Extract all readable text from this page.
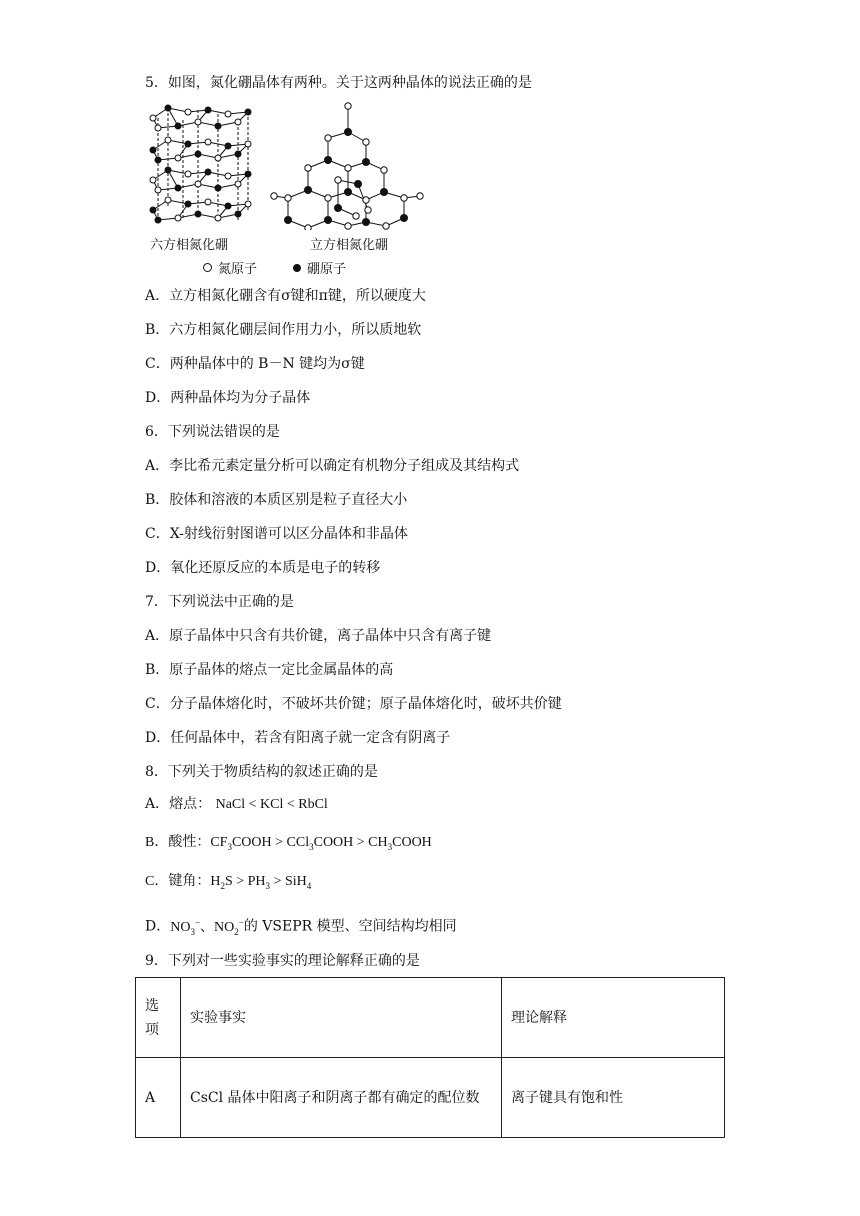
5．如图，氮化硼晶体有两种。关于这两种晶体的说法正确的是
六方相氮化硼	立方相氮化硼
氮原子	硼原子
A．立方相氮化硼含有σ键和π键，所以硬度大
B．六方相氮化硼层间作用力小，所以质地软
C．两种晶体中的 B－N 键均为σ键
D．两种晶体均为分子晶体
6．下列说法错误的是
A．李比希元素定量分析可以确定有机物分子组成及其结构式
B．胶体和溶液的本质区别是粒子直径大小
C．X-射线衍射图谱可以区分晶体和非晶体
D．氧化还原反应的本质是电子的转移
7．下列说法中正确的是
A．原子晶体中只含有共价键，离子晶体中只含有离子键
B．原子晶体的熔点一定比金属晶体的高
C．分子晶体熔化时，不破坏共价键；原子晶体熔化时，破坏共价键
D．任何晶体中，若含有阳离子就一定含有阴离子
8．下列关于物质结构的叙述正确的是
A．熔点： NaCl < KCl < RbCl
B．酸性：$CF_3COOH$ > CCl$_3$COOH > $CH_3COOH$
C．键角：$H_2S > PH_3 > SiH_4$
D．$NO_3^-$、$NO_2^-$的 VSEPR 模型、空间结构均相同
9．下列对一些实验事实的理论解释正确的是
选项	实验事实	理论解释
A	CsCl 晶体中阳离子和阴离子都有确定的配位数	离子键具有饱和性
